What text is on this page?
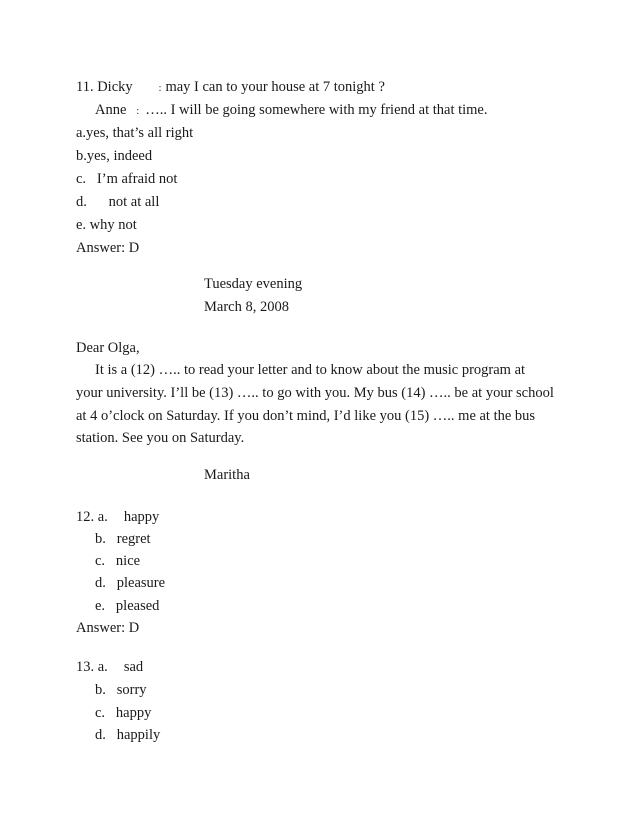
11. Dicky	: may I can to your house at 7 tonight ?
Anne : ….. I will be going somewhere with my friend at that time.
a.yes, that’s all right
b.yes, indeed
c.   I’m afraid not
d.      not at all
e. why not
Answer: D
Tuesday evening
March 8, 2008
Dear Olga,
It is a (12) ….. to read your letter and to know about the music program at
your university. I’ll be (13) ….. to go with you. My bus (14) ….. be at your school
at 4 o’clock on Saturday. If you don’t mind, I’d like you (15) ….. me at the bus
station. See you on Saturday.
Maritha
12. a. happy
b.   regret
c.   nice
d.   pleasure
e.   pleased
Answer: D
13. a. sad
b.   sorry
c.   happy
d.   happily
